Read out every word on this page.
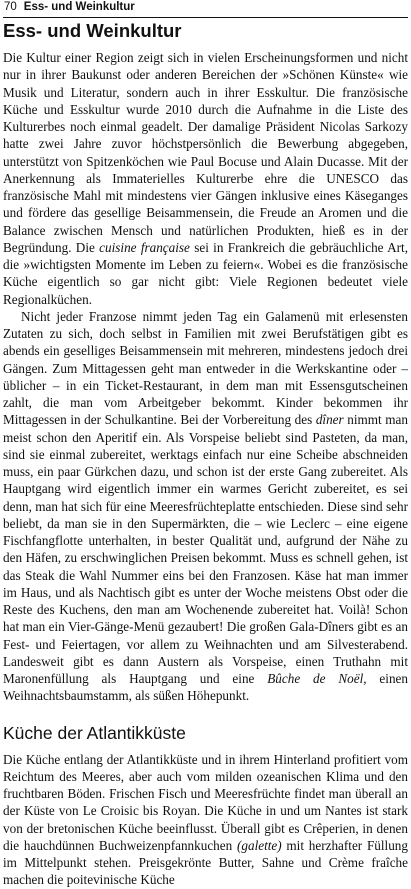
70 Ess- und Weinkultur
Ess- und Weinkultur

Die Kultur einer Region zeigt sich in vielen Erscheinungsformen und nicht nur in ihrer Baukunst oder anderen Bereichen der »Schönen Künste« wie Musik und Literatur, sondern auch in ihrer Esskultur. Die französische Küche und Esskultur wurde 2010 durch die Aufnahme in die Liste des Kulturerbes noch einmal geadelt. Der damalige Präsident Nicolas Sarkozy hatte zwei Jahre zuvor höchstpersönlich die Bewerbung abgegeben, unterstützt von Spitzenköchen wie Paul Bocuse und Alain Ducasse. Mit der Anerkennung als Immaterielles Kulturerbe ehre die UNESCO das französische Mahl mit mindestens vier Gängen inklusive eines Käseganges und fördere das gesellige Beisammensein, die Freude an Aromen und die Balance zwischen Mensch und natürlichen Produkten, hieß es in der Begründung. Die cuisine française sei in Frankreich die gebräuchliche Art, die »wichtigsten Momente im Leben zu feiern«. Wobei es die französische Küche eigentlich so gar nicht gibt: Viele Regionen bedeutet viele Regionalküchen.

Nicht jeder Franzose nimmt jeden Tag ein Galamenü mit erlesensten Zutaten zu sich, doch selbst in Familien mit zwei Berufstätigen gibt es abends ein geselliges Beisammensein mit mehreren, mindestens jedoch drei Gängen. Zum Mittagessen geht man entweder in die Werkskantine oder – üblicher – in ein Ticket-Restaurant, in dem man mit Essensgutscheinen zahlt, die man vom Arbeitgeber bekommt. Kinder bekommen ihr Mittagessen in der Schulkantine. Bei der Vorbereitung des dîner nimmt man meist schon den Aperitif ein. Als Vorspeise beliebt sind Pasteten, da man, sind sie einmal zubereitet, werktags einfach nur eine Scheibe abschneiden muss, ein paar Gürkchen dazu, und schon ist der erste Gang zubereitet. Als Hauptgang wird eigentlich immer ein warmes Gericht zubereitet, es sei denn, man hat sich für eine Meeresfrüchteplatte entschieden. Diese sind sehr beliebt, da man sie in den Supermärkten, die – wie Leclerc – eine eigene Fischfangflotte unterhalten, in bester Qualität und, aufgrund der Nähe zu den Häfen, zu erschwinglichen Preisen bekommt. Muss es schnell gehen, ist das Steak die Wahl Nummer eins bei den Franzosen. Käse hat man immer im Haus, und als Nachtisch gibt es unter der Woche meistens Obst oder die Reste des Kuchens, den man am Wochenende zubereitet hat. Voilà! Schon hat man ein Vier-Gänge-Menü gezaubert! Die großen Gala-Dîners gibt es an Fest- und Feiertagen, vor allem zu Weihnachten und am Silvesterabend. Landesweit gibt es dann Austern als Vorspeise, einen Truthahn mit Maronenfüllung als Hauptgang und eine Bûche de Noël, einen Weihnachtsbaumstamm, als süßen Höhepunkt.

Küche der Atlantikküste

Die Küche entlang der Atlantikküste und in ihrem Hinterland profitiert vom Reichtum des Meeres, aber auch vom milden ozeanischen Klima und den fruchtbaren Böden. Frischen Fisch und Meeresfrüchte findet man überall an der Küste von Le Croisic bis Royan. Die Küche in und um Nantes ist stark von der bretonischen Küche beeinflusst. Überall gibt es Crêperien, in denen die hauchdünnen Buchweizenpfannkuchen (galette) mit herzhafter Füllung im Mittelpunkt stehen. Preisgekrönte Butter, Sahne und Crème fraîche machen die poitevinische Küche
